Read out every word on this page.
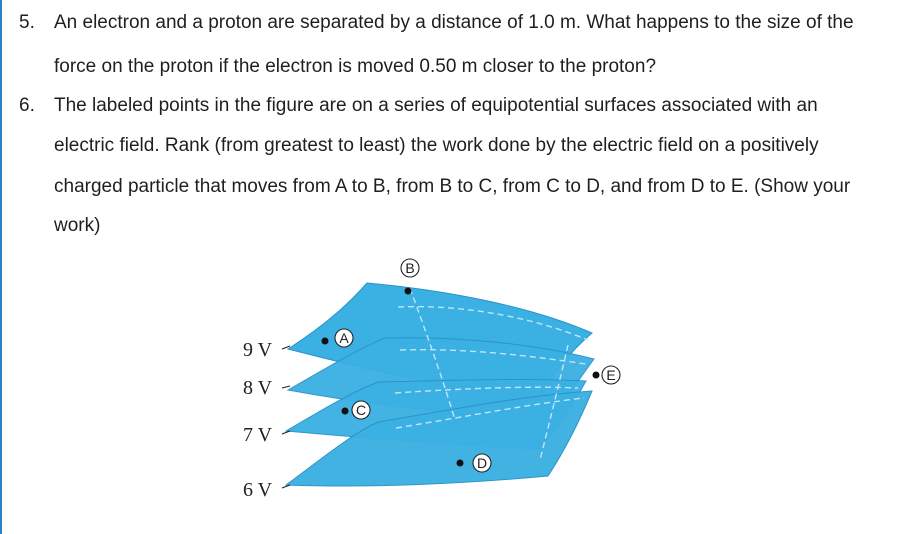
5. An electron and a proton are separated by a distance of 1.0 m. What happens to the size of the
force on the proton if the electron is moved 0.50 m closer to the proton?
6. The labeled points in the figure are on a series of equipotential surfaces associated with an
electric field. Rank (from greatest to least) the work done by the electric field on a positively
charged particle that moves from A to B, from B to C, from C to D, and from D to E. (Show your
work)
9 V
8 V
7 V
6 V
A
B
C
D
E
